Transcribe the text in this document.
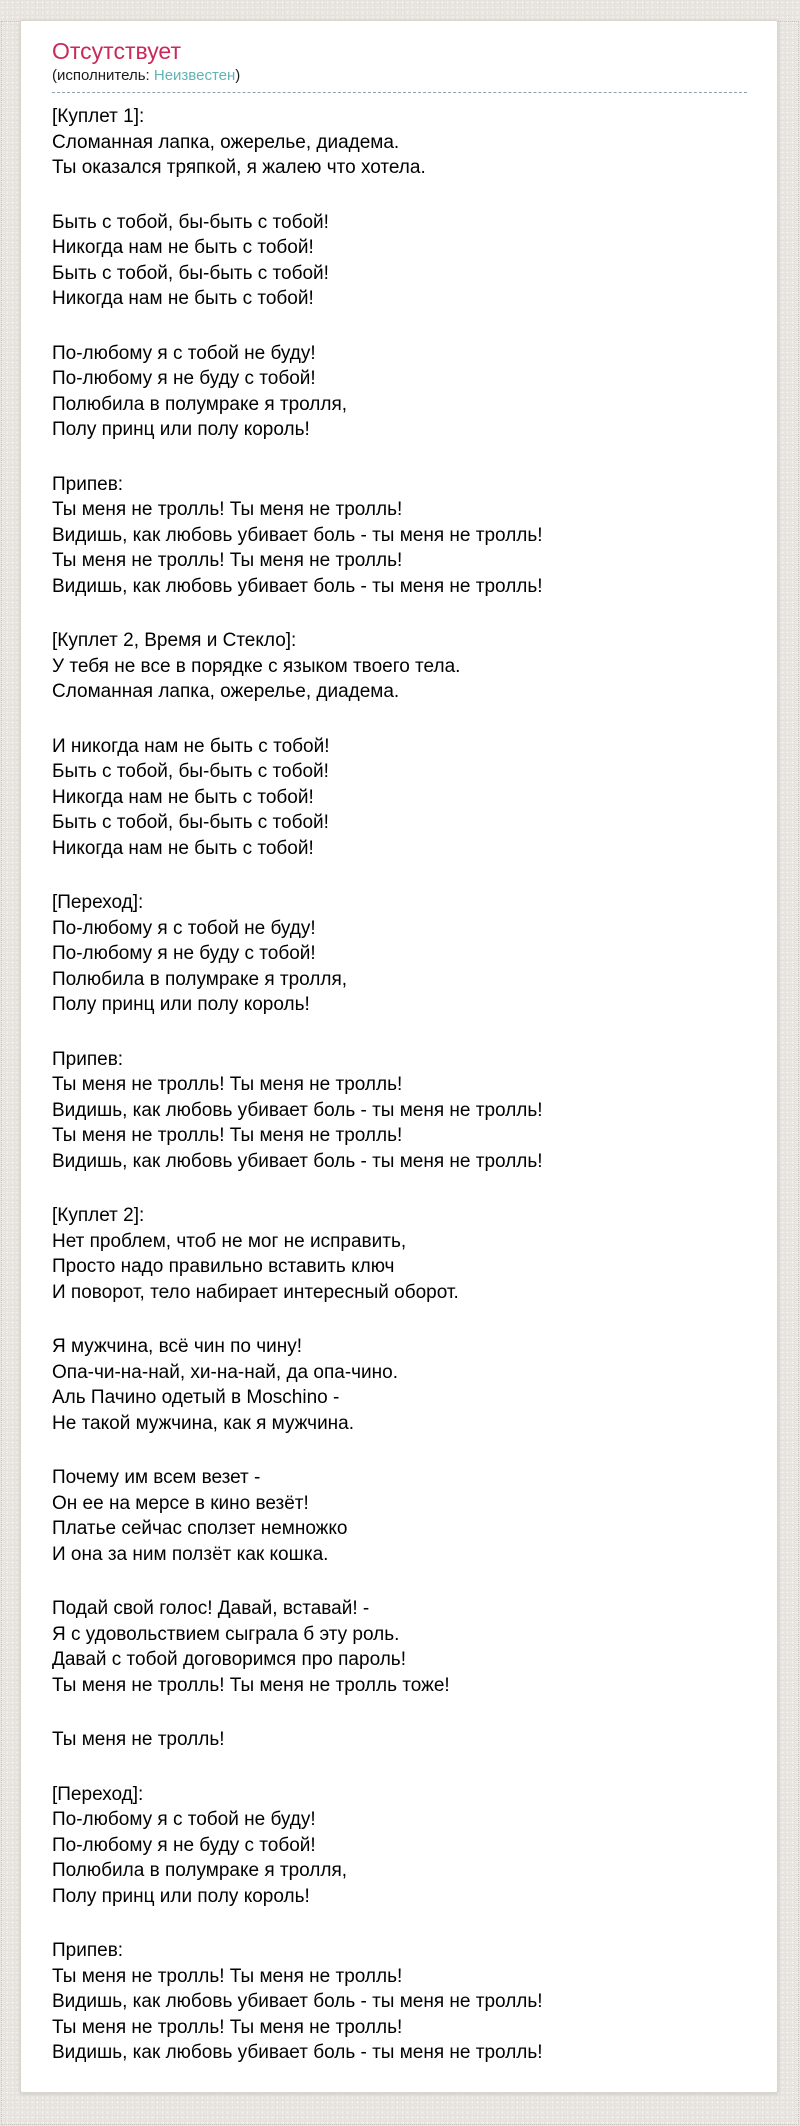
Отсутствует
(исполнитель: Неизвестен)

[Куплет 1]:
Сломанная лапка, ожерелье, диадема.
Ты оказался тряпкой, я жалею что хотела.

Быть с тобой, бы-быть с тобой!
Никогда нам не быть с тобой!
Быть с тобой, бы-быть с тобой!
Никогда нам не быть с тобой!

По-любому я с тобой не буду!
По-любому я не буду с тобой!
Полюбила в полумраке я тролля,
Полу принц или полу король!

Припев:
Ты меня не тролль! Ты меня не тролль!
Видишь, как любовь убивает боль - ты меня не тролль!
Ты меня не тролль! Ты меня не тролль!
Видишь, как любовь убивает боль - ты меня не тролль!

[Куплет 2, Время и Стекло]:
У тебя не все в порядке с языком твоего тела.
Сломанная лапка, ожерелье, диадема.

И никогда нам не быть с тобой!
Быть с тобой, бы-быть с тобой!
Никогда нам не быть с тобой!
Быть с тобой, бы-быть с тобой!
Никогда нам не быть с тобой!

[Переход]:
По-любому я с тобой не буду!
По-любому я не буду с тобой!
Полюбила в полумраке я тролля,
Полу принц или полу король!

Припев:
Ты меня не тролль! Ты меня не тролль!
Видишь, как любовь убивает боль - ты меня не тролль!
Ты меня не тролль! Ты меня не тролль!
Видишь, как любовь убивает боль - ты меня не тролль!

[Куплет 2]:
Нет проблем, чтоб не мог не исправить,
Просто надо правильно вставить ключ
И поворот, тело набирает интересный оборот.

Я мужчина, всё чин по чину!
Опа-чи-на-най, хи-на-най, да опа-чино.
Аль Пачино одетый в Moschino -
Не такой мужчина, как я мужчина.

Почему им всем везет -
Он ее на мерсе в кино везёт!
Платье сейчас сползет немножко
И она за ним ползёт как кошка.

Подай свой голос! Давай, вставай! -
Я с удовольствием сыграла б эту роль.
Давай с тобой договоримся про пароль!
Ты меня не тролль! Ты меня не тролль тоже!

Ты меня не тролль!

[Переход]:
По-любому я с тобой не буду!
По-любому я не буду с тобой!
Полюбила в полумраке я тролля,
Полу принц или полу король!

Припев:
Ты меня не тролль! Ты меня не тролль!
Видишь, как любовь убивает боль - ты меня не тролль!
Ты меня не тролль! Ты меня не тролль!
Видишь, как любовь убивает боль - ты меня не тролль!
